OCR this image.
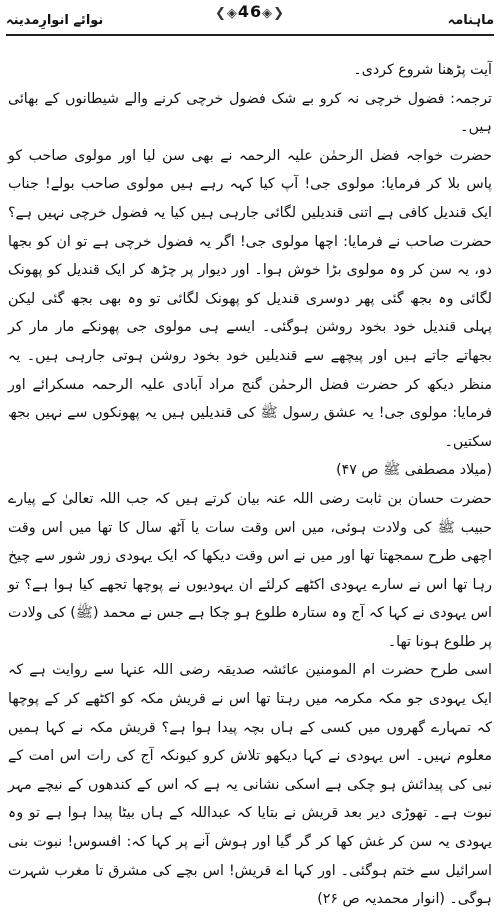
ماہنامہ
نوائے انوارِمدینہ	❮◈46◈❯

آیت پڑھنا شروع کردی۔

ترجمہ: فضول خرچی نہ کرو بے شک فضول خرچی کرنے والے شیطانوں کے بھائی ہیں۔

حضرت خواجہ فضل الرحمٰن علیہ الرحمہ نے بھی سن لیا اور مولوی صاحب کو پاس بلا کر فرمایا: مولوی جی! آپ کیا کہہ رہے ہیں مولوی صاحب بولے! جناب ایک قندیل کافی ہے اتنی قندیلیں لگائی جارہی ہیں کیا یہ فضول خرچی نہیں ہے؟ حضرت صاحب نے فرمایا: اچھا مولوی جی! اگر یہ فضول خرچی ہے تو ان کو بجھا دو، یہ سن کر وہ مولوی بڑا خوش ہوا۔ اور دیوار پر چڑھ کر ایک قندیل کو پھونک لگائی وہ بجھ گئی پھر دوسری قندیل کو پھونک لگائی تو وہ بھی بجھ گئی لیکن پہلی قندیل خود بخود روشن ہوگئی۔ ایسے ہی مولوی جی پھونکے مار مار کر بجھاتے جاتے ہیں اور پیچھے سے قندیلیں خود بخود روشن ہوتی جارہی ہیں۔ یہ منظر دیکھ کر حضرت فضل الرحمٰن گنج مراد آبادی علیہ الرحمہ مسکرائے اور فرمایا: مولوی جی! یہ عشق رسول ﷺ کی قندیلیں ہیں یہ پھونکوں سے نہیں بجھ سکتیں۔

(میلاد مصطفی ﷺ ص ۴۷)

حضرت حسان بن ثابت رضی اللہ عنہ بیان کرتے ہیں کہ جب اللہ تعالیٰ کے پیارے حبیب ﷺ کی ولادت ہوئی، میں اس وقت سات یا آٹھ سال کا تھا میں اس وقت اچھی طرح سمجھتا تھا اور میں نے اس وقت دیکھا کہ ایک یہودی زور شور سے چیخ رہا تھا اس نے سارے یہودی اکٹھے کرلئے ان یہودیوں نے پوچھا تجھے کیا ہوا ہے؟ تو اس یہودی نے کہا کہ آج وہ ستارہ طلوع ہو چکا ہے جس نے محمد (ﷺ) کی ولادت پر طلوع ہونا تھا۔

اسی طرح حضرت ام المومنین عائشہ صدیقہ رضی اللہ عنہا سے روایت ہے کہ ایک یہودی جو مکہ مکرمہ میں رہتا تھا اس نے قریش مکہ کو اکٹھے کر کے پوچھا کہ تمہارے گھروں میں کسی کے ہاں بچہ پیدا ہوا ہے؟ قریش مکہ نے کہا ہمیں معلوم نہیں۔ اس یہودی نے کہا دیکھو تلاش کرو کیونکہ آج کی رات اس امت کے نبی کی پیدائش ہو چکی ہے اسکی نشانی یہ ہے کہ اس کے کندھوں کے نیچے مہر نبوت ہے۔ تھوڑی دیر بعد قریش نے بتایا کہ عبداللہ کے ہاں بیٹا پیدا ہوا ہے تو وہ یہودی یہ سن کر غش کھا کر گر گیا اور ہوش آنے پر کہا کہ: افسوس! نبوت بنی اسرائیل سے ختم ہوگئی۔ اور کہا اے قریش! اس بچے کی مشرق تا مغرب شہرت ہوگی۔ (انوار محمدیہ ص ۲۶)
